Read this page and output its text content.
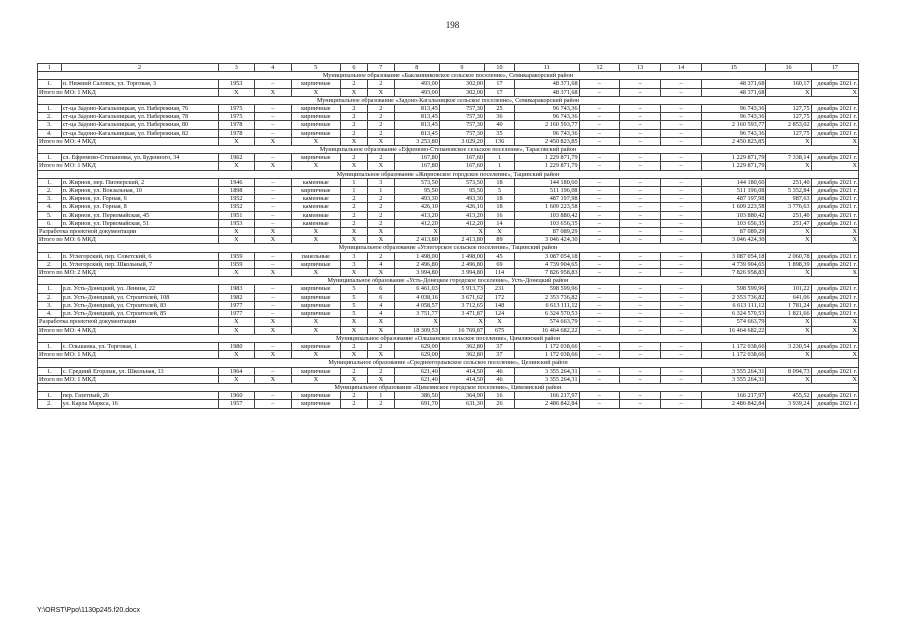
198
1	2	3	4	5	6	7	8	9	10	11	12	13	14	15	16	17
Муниципальное образование «Бакланниковское сельское поселение», Семикаракорский район																
1.	п. Нижний Саловск, ул. Торговая, 3	1953	–	кирпичные	2	2	493,00	302,00	17	48 371,68	–	–	–	48 371,68	160,17	декабрь 2021 г.
Итого по МО: 1 МКД		X	X	X	X	X	493,00	302,00	17	48 371,68	–	–	–	48 371,68	X	X
Муниципальное образование «Задоно-Кагальницкое сельское поселение», Семикаракорский район																
1.	ст-ца Задоно-Кагальницкая, ул. Набережная, 76	1975	–	кирпичные	2	2	813,45	757,30	25	96 743,36	–	–	–	96 743,36	127,75	декабрь 2021 г.
2.	ст-ца Задоно-Кагальницкая, ул. Набережная, 78	1975	–	кирпичные	2	2	813,45	757,30	36	96 743,36	–	–	–	96 743,36	127,75	декабрь 2021 г.
3.	ст-ца Задоно-Кагальницкая, ул. Набережная, 80	1978	–	кирпичные	2	2	813,45	757,30	40	2 160 593,77	–	–	–	2 160 593,77	2 853,02	декабрь 2021 г.
4.	ст-ца Задоно-Кагальницкая, ул. Набережная, 82	1978	–	кирпичные	2	2	813,45	757,30	35	96 743,36	–	–	–	96 743,36	127,75	декабрь 2021 г.
Итого по МО: 4 МКД		X	X	X	X	X	3 253,80	3 029,20	136	2 450 823,85	–	–	–	2 450 823,85	X	X
Муниципальное образование «Ефремово-Степановское сельское поселение», Тарасовский район																
1.	сл. Ефремово-Степановка, ул. Буденного, 34	1962	–	кирпичные	2	2	167,80	167,60	1	1 229 871,79	–	–	–	1 229 871,79	7 338,14	декабрь 2021 г.
Итого по МО: 1 МКД		X	X	X	X	X	167,80	167,60	1	1 229 871,79	–	–	–	1 229 871,79	X	X
Муниципальное образование «Жирновское городское поселение», Тацинский район																
1.	п. Жирнов, пер. Пионерский, 2	1946	–	каменные	1	3	573,50	573,50	18	144 180,60	–	–	–	144 180,60	251,40	декабрь 2021 г.
2.	п. Жирнов, ул. Вокзальная, 10	1898	–	кирпичные	1	1	95,50	95,50	5	511 196,08	–	–	–	511 196,08	5 352,84	декабрь 2021 г.
3.	п. Жирнов, ул. Горная, 6	1952	–	каменные	2	2	493,30	493,30	18	487 197,98	–	–	–	487 197,98	987,63	декабрь 2021 г.
4.	п. Жирнов, ул. Горная, 8	1952	–	каменные	2	2	426,10	426,10	18	1 609 223,58	–	–	–	1 609 223,58	3 776,63	декабрь 2021 г.
5.	п. Жирнов, ул. Первомайская, 45	1951	–	каменные	2	2	413,20	413,20	16	103 880,42	–	–	–	103 880,42	251,40	декабрь 2021 г.
6.	п. Жирнов, ул. Первомайская, 51	1953	–	каменные	2	2	412,20	412,20	14	103 656,35	–	–	–	103 656,35	251,47	декабрь 2021 г.
Разработка проектной документации		X	X	X	X	X	X	X	X	87 089,29	–	–	–	87 089,29	X	X
Итого по МО: 6 МКД		X	X	X	X	X	2 413,80	2 413,80	89	3 046 424,30	–	–	–	3 046 424,30	X	X
Муниципальное образование «Углегорское сельское поселение», Тацинский район																
1.	п. Углегорский, пер. Советский, 6	1959	–	панельные	3	2	1 498,00	1 498,00	45	3 087 054,18	–	–	–	3 087 054,18	2 060,78	декабрь 2021 г.
2.	п. Углегорский, пер. Школьный, 7	1959	–	кирпичные	3	4	2 496,80	2 496,80	69	4 739 904,65	–	–	–	4 739 904,65	1 898,39	декабрь 2021 г.
Итого по МО: 2 МКД		X	X	X	X	X	3 994,80	3 994,80	114	7 826 958,83	–	–	–	7 826 958,83	X	X
Муниципальное образование «Усть-Донецкое городское поселение», Усть-Донецкий район																
1.	р.п. Усть-Донецкий, ул. Ленина, 22	1983	–	кирпичные	5	6	6 461,03	5 913,73	231	598 599,96	–	–	–	598 599,96	101,22	декабрь 2021 г.
2.	р.п. Усть-Донецкий, ул. Строителей, 108	1982	–	кирпичные	5	6	4 038,16	3 671,62	172	2 353 736,82	–	–	–	2 353 736,82	641,06	декабрь 2021 г.
3.	р.п. Усть-Донецкий, ул. Строителей, 83	1977	–	кирпичные	5	4	4 058,57	3 712,65	148	6 613 111,12	–	–	–	6 613 111,12	1 781,24	декабрь 2021 г.
4.	р.п. Усть-Донецкий, ул. Строителей, 85	1977	–	кирпичные	5	4	3 751,77	3 471,87	124	6 324 570,53	–	–	–	6 324 570,53	1 821,66	декабрь 2021 г.
Разработка проектной документации		X	X	X	X	X	X	X	X	574 663,79	–	–	–	574 663,79	X	X
Итого по МО: 4 МКД		X	X	X	X	X	18 309,53	16 769,87	675	16 464 682,22	–	–	–	16 464 682,22	X	X
Муниципальное образование «Ольшанское сельское поселение», Цимлянский район																
1.	с. Ольшанка, ул. Торговая, 1	1980	–	кирпичные	2	2	629,00	362,80	37	1 172 038,66	–	–	–	1 172 038,66	3 230,54	декабрь 2021 г.
Итого по МО: 1 МКД		X	X	X	X	X	629,00	362,80	37	1 172 038,66	–	–	–	1 172 038,66	X	X
Муниципальное образование «Среднеегорлыкское сельское поселение», Целинский район																
1.	с. Средний Егорлык, ул. Школьная, 13	1964	–	кирпичные	2	2	621,40	414,50	46	3 355 264,31	–	–	–	3 355 264,31	8 094,73	декабрь 2021 г.
Итого по МО: 1 МКД		X	X	X	X	X	621,40	414,50	46	3 355 264,31	–	–	–	3 355 264,31	X	X
Муниципальное образование «Цимлянское городское поселение», Цимлянский район																
1.	пер. Газетный, 26	1960	–	кирпичные	2	1	386,50	364,90	16	166 217,97	–	–	–	166 217,97	455,52	декабрь 2021 г.
2.	ул. Карла Маркса, 16	1957	–	кирпичные	2	2	691,70	631,30	26	2 486 842,84	–	–	–	2 486 842,84	3 939,24	декабрь 2021 г.
Y:\ORST\Ppo\1130p245.f20.docx
